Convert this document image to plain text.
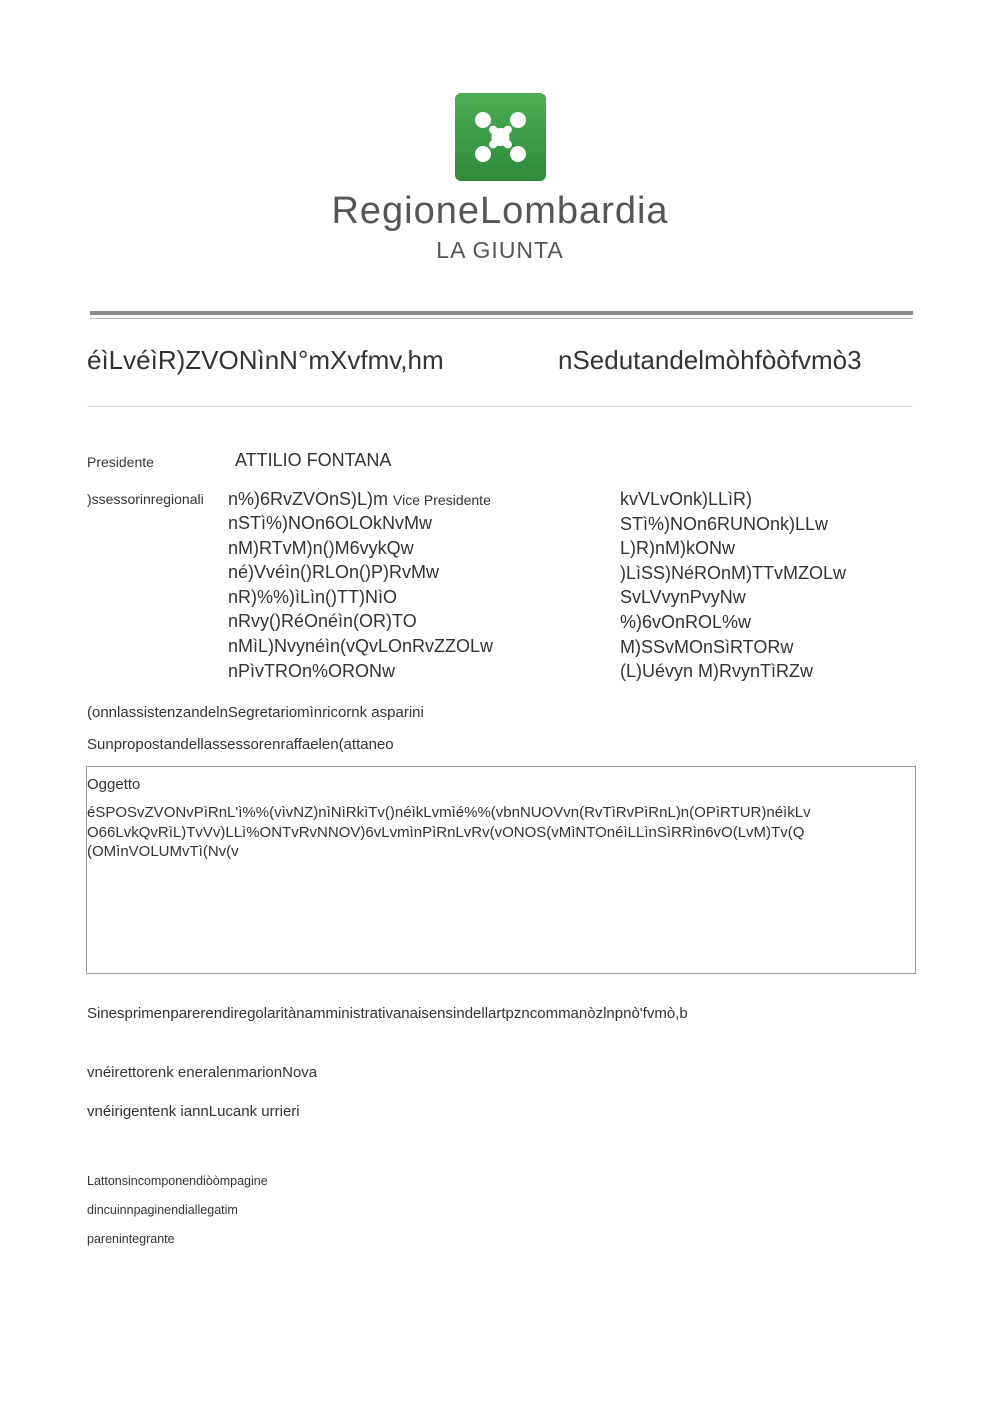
RegioneLombardia
LA GIUNTA
éìLvéìR)ZVONìnN°mXvfmv,hm	nSedutandelmòhfòòfvmò3
Presidente	ATTILIO FONTANA
)ssessorinregionali n%)6RvZVOnS)L)m Vice Presidente
nSTì%)NOn6OLOkNvMw
nM)RTvM)n()M6vykQw
né)Vvéìn()RLOn()P)RvMw
nR)%%)ìLìn()TT)NìO
nRvy()RéOnéìn(OR)TO
nMìL)Nvynéìn(vQvLOnRvZZOLw
nPìvTROn%ORONw
kvVLvOnk)LLìR)
STì%)NOn6RUNOnk)LLw
L)R)nM)kONw
)LìSS)NéROnM)TTvMZOLw
SvLVvynPvyNw
%)6vOnROL%w
M)SSvMOnSìRTORw
(L)Uévyn M)RvynTìRZw
(onnlassistenzandelnSegretariomìnricornk asparini
Sunpropostandellassessorenraffaelen(attaneo
Oggetto
éSPOSvZVONvPìRnL'ì%%(vìvNZ)nìNìRkìTv()néìkLvmìé%%(vbnNUOVvn(RvTìRvPìRnL)n(OPìRTUR)néìkLv O66LvkQvRìL)TvVv)LLì%ONTvRvNNOV)6vLvmìnPìRnLvRv(vONOS(vMìNTOnéìLLìnSìRRìn6vO(LvM)Tv(Q (OMìnVOLUMvTì(Nv(v
Sinesprimenparerendiregolaritànamministrativanaisensindellartpzncommanòzlnpnò'fvmò,b
vnéirettorenk eneralenmarionNova
vnéirigentenk iannLucank urrieri
Lattonsincomponendiòòmpagine
dincuinnpaginendiallegatim
parenintegrante
